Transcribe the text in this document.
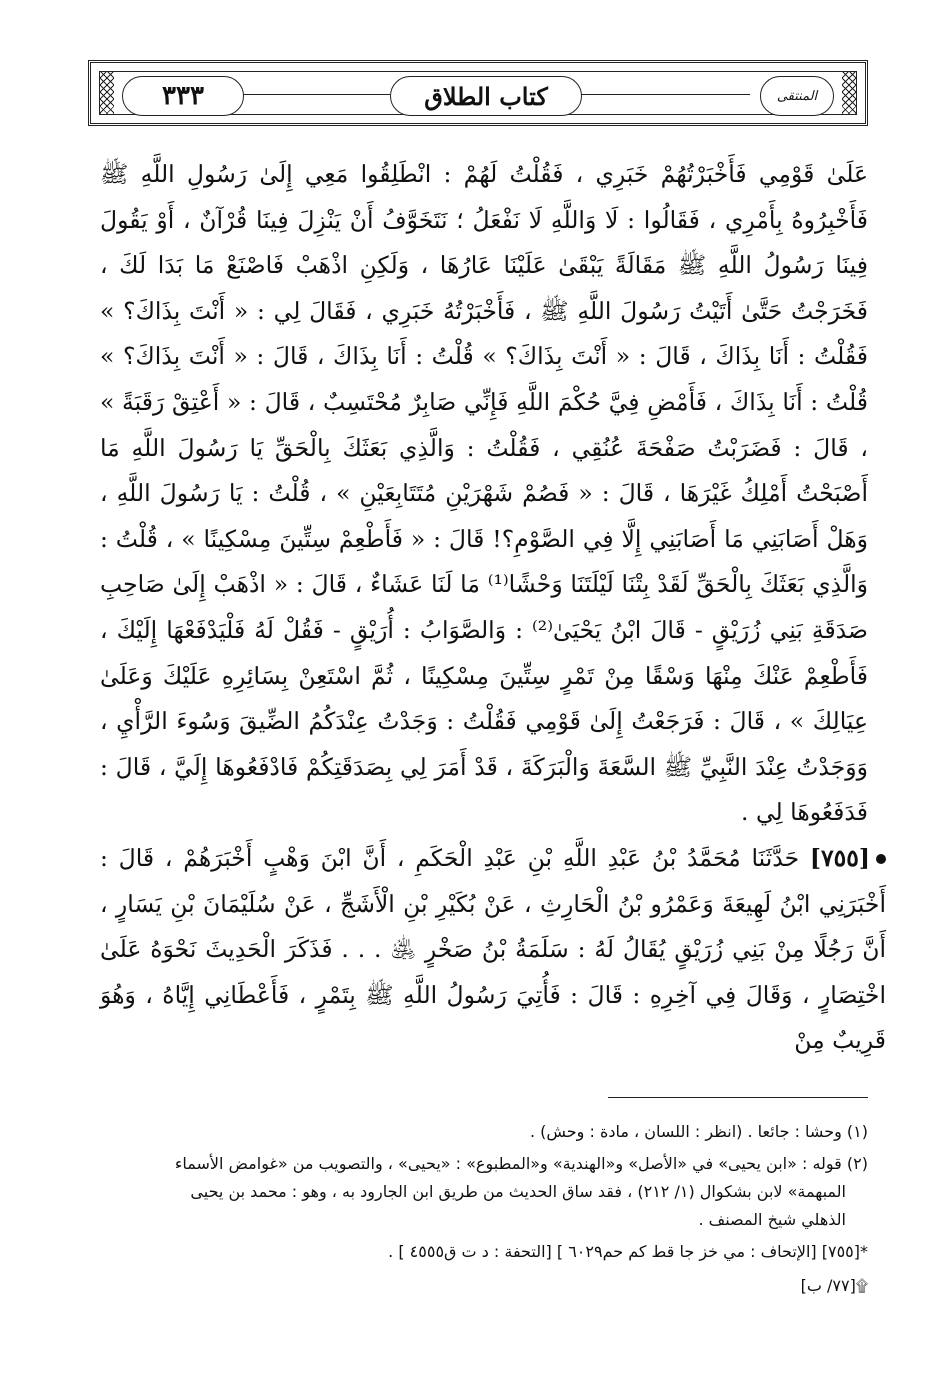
٣٣٣	كتاب الطلاق	المنتقى

عَلَىٰ قَوْمِي فَأَخْبَرْتُهُمْ خَبَرِي ، فَقُلْتُ لَهُمْ : انْطَلِقُوا مَعِي إِلَىٰ رَسُولِ اللَّهِ ﷺ فَأَخْبِرُوهُ بِأَمْرِي ، فَقَالُوا : لَا وَاللَّهِ لَا نَفْعَلُ ؛ نَتَخَوَّفُ أَنْ يَنْزِلَ فِينَا قُرْآنٌ ، أَوْ يَقُولَ فِينَا رَسُولُ اللَّهِ ﷺ مَقَالَةً يَبْقَىٰ عَلَيْنَا عَارُهَا ، وَلَكِنِ اذْهَبْ فَاصْنَعْ مَا بَدَا لَكَ ، فَخَرَجْتُ حَتَّىٰ أَتَيْتُ رَسُولَ اللَّهِ ﷺ ، فَأَخْبَرْتُهُ خَبَرِي ، فَقَالَ لِي : « أَنْتَ بِذَاكَ؟ » فَقُلْتُ : أَنَا بِذَاكَ ، قَالَ : « أَنْتَ بِذَاكَ؟ » قُلْتُ : أَنَا بِذَاكَ ، قَالَ : « أَنْتَ بِذَاكَ؟ » قُلْتُ : أَنَا بِذَاكَ ، فَأَمْضِ فِيَّ حُكْمَ اللَّهِ فَإِنِّي صَابِرٌ مُحْتَسِبٌ ، قَالَ : « أَعْتِقْ رَقَبَةً » ، قَالَ : فَضَرَبْتُ صَفْحَةَ عُنُقِي ، فَقُلْتُ : وَالَّذِي بَعَثَكَ بِالْحَقِّ يَا رَسُولَ اللَّهِ مَا أَصْبَحْتُ أَمْلِكُ غَيْرَهَا ، قَالَ : « فَصُمْ شَهْرَيْنِ مُتَتَابِعَيْنِ » ، قُلْتُ : يَا رَسُولَ اللَّهِ ، وَهَلْ أَصَابَنِي مَا أَصَابَنِي إِلَّا فِي الصَّوْمِ؟! قَالَ : « فَأَطْعِمْ سِتِّينَ مِسْكِينًا » ، قُلْتُ : وَالَّذِي بَعَثَكَ بِالْحَقِّ لَقَدْ بِتْنَا لَيْلَتَنَا وَحْشًا⁽¹⁾ مَا لَنَا عَشَاءٌ ، قَالَ : « اذْهَبْ إِلَىٰ صَاحِبِ صَدَقَةِ بَنِي زُرَيْقٍ - قَالَ ابْنُ يَحْيَىٰ⁽²⁾ : وَالصَّوَابُ : أُرَيْقٍ - فَقُلْ لَهُ فَلْيَدْفَعْهَا إِلَيْكَ ، فَأَطْعِمْ عَنْكَ مِنْهَا وَسْقًا مِنْ تَمْرٍ سِتِّينَ مِسْكِينًا ، ثُمَّ اسْتَعِنْ بِسَائِرِهِ عَلَيْكَ وَعَلَىٰ عِيَالِكَ » ، قَالَ : فَرَجَعْتُ إِلَىٰ قَوْمِي فَقُلْتُ : وَجَدْتُ عِنْدَكُمُ الضِّيقَ وَسُوءَ الرَّأْيِ ، وَوَجَدْتُ عِنْدَ النَّبِيِّ ﷺ السَّعَةَ وَالْبَرَكَةَ ، قَدْ أَمَرَ لِي بِصَدَقَتِكُمْ فَادْفَعُوهَا إِلَيَّ ، قَالَ : فَدَفَعُوهَا لِي .

[٧٥٥] حَدَّثَنَا مُحَمَّدُ بْنُ عَبْدِ اللَّهِ بْنِ عَبْدِ الْحَكَمِ ، أَنَّ ابْنَ وَهْبٍ أَخْبَرَهُمْ ، قَالَ : أَخْبَرَنِي ابْنُ لَهِيعَةَ وَعَمْرُو بْنُ الْحَارِثِ ، عَنْ بُكَيْرِ بْنِ الْأَشَجِّ ، عَنْ سُلَيْمَانَ بْنِ يَسَارٍ ، أَنَّ رَجُلًا مِنْ بَنِي زُرَيْقٍ يُقَالُ لَهُ : سَلَمَةُ بْنُ صَخْرٍ ﵁ . . . فَذَكَرَ الْحَدِيثَ نَحْوَهُ عَلَىٰ اخْتِصَارٍ ، وَقَالَ فِي آخِرِهِ : قَالَ : فَأُتِيَ رَسُولُ اللَّهِ ﷺ بِتَمْرٍ ، فَأَعْطَانِي إِيَّاهُ ، وَهُوَ قَرِيبٌ مِنْ

(١) وحشا : جائعا . (انظر : اللسان ، مادة : وحش) .

(٢) قوله : «ابن يحيى» في «الأصل» و«الهندية» و«المطبوع» : «يحيى» ، والتصويب من «غوامض الأسماء
المبهمة» لابن بشكوال (١/ ٢١٢) ، فقد ساق الحديث من طريق ابن الجارود به ، وهو : محمد بن يحيى
الذهلي شيخ المصنف .

*[٧٥٥] [الإتحاف : مي خز جا قط كم حم٦٠٢٩ ] [التحفة : د ت ق٤٥٥٥ ] .

۩[٧٧/ ب]
